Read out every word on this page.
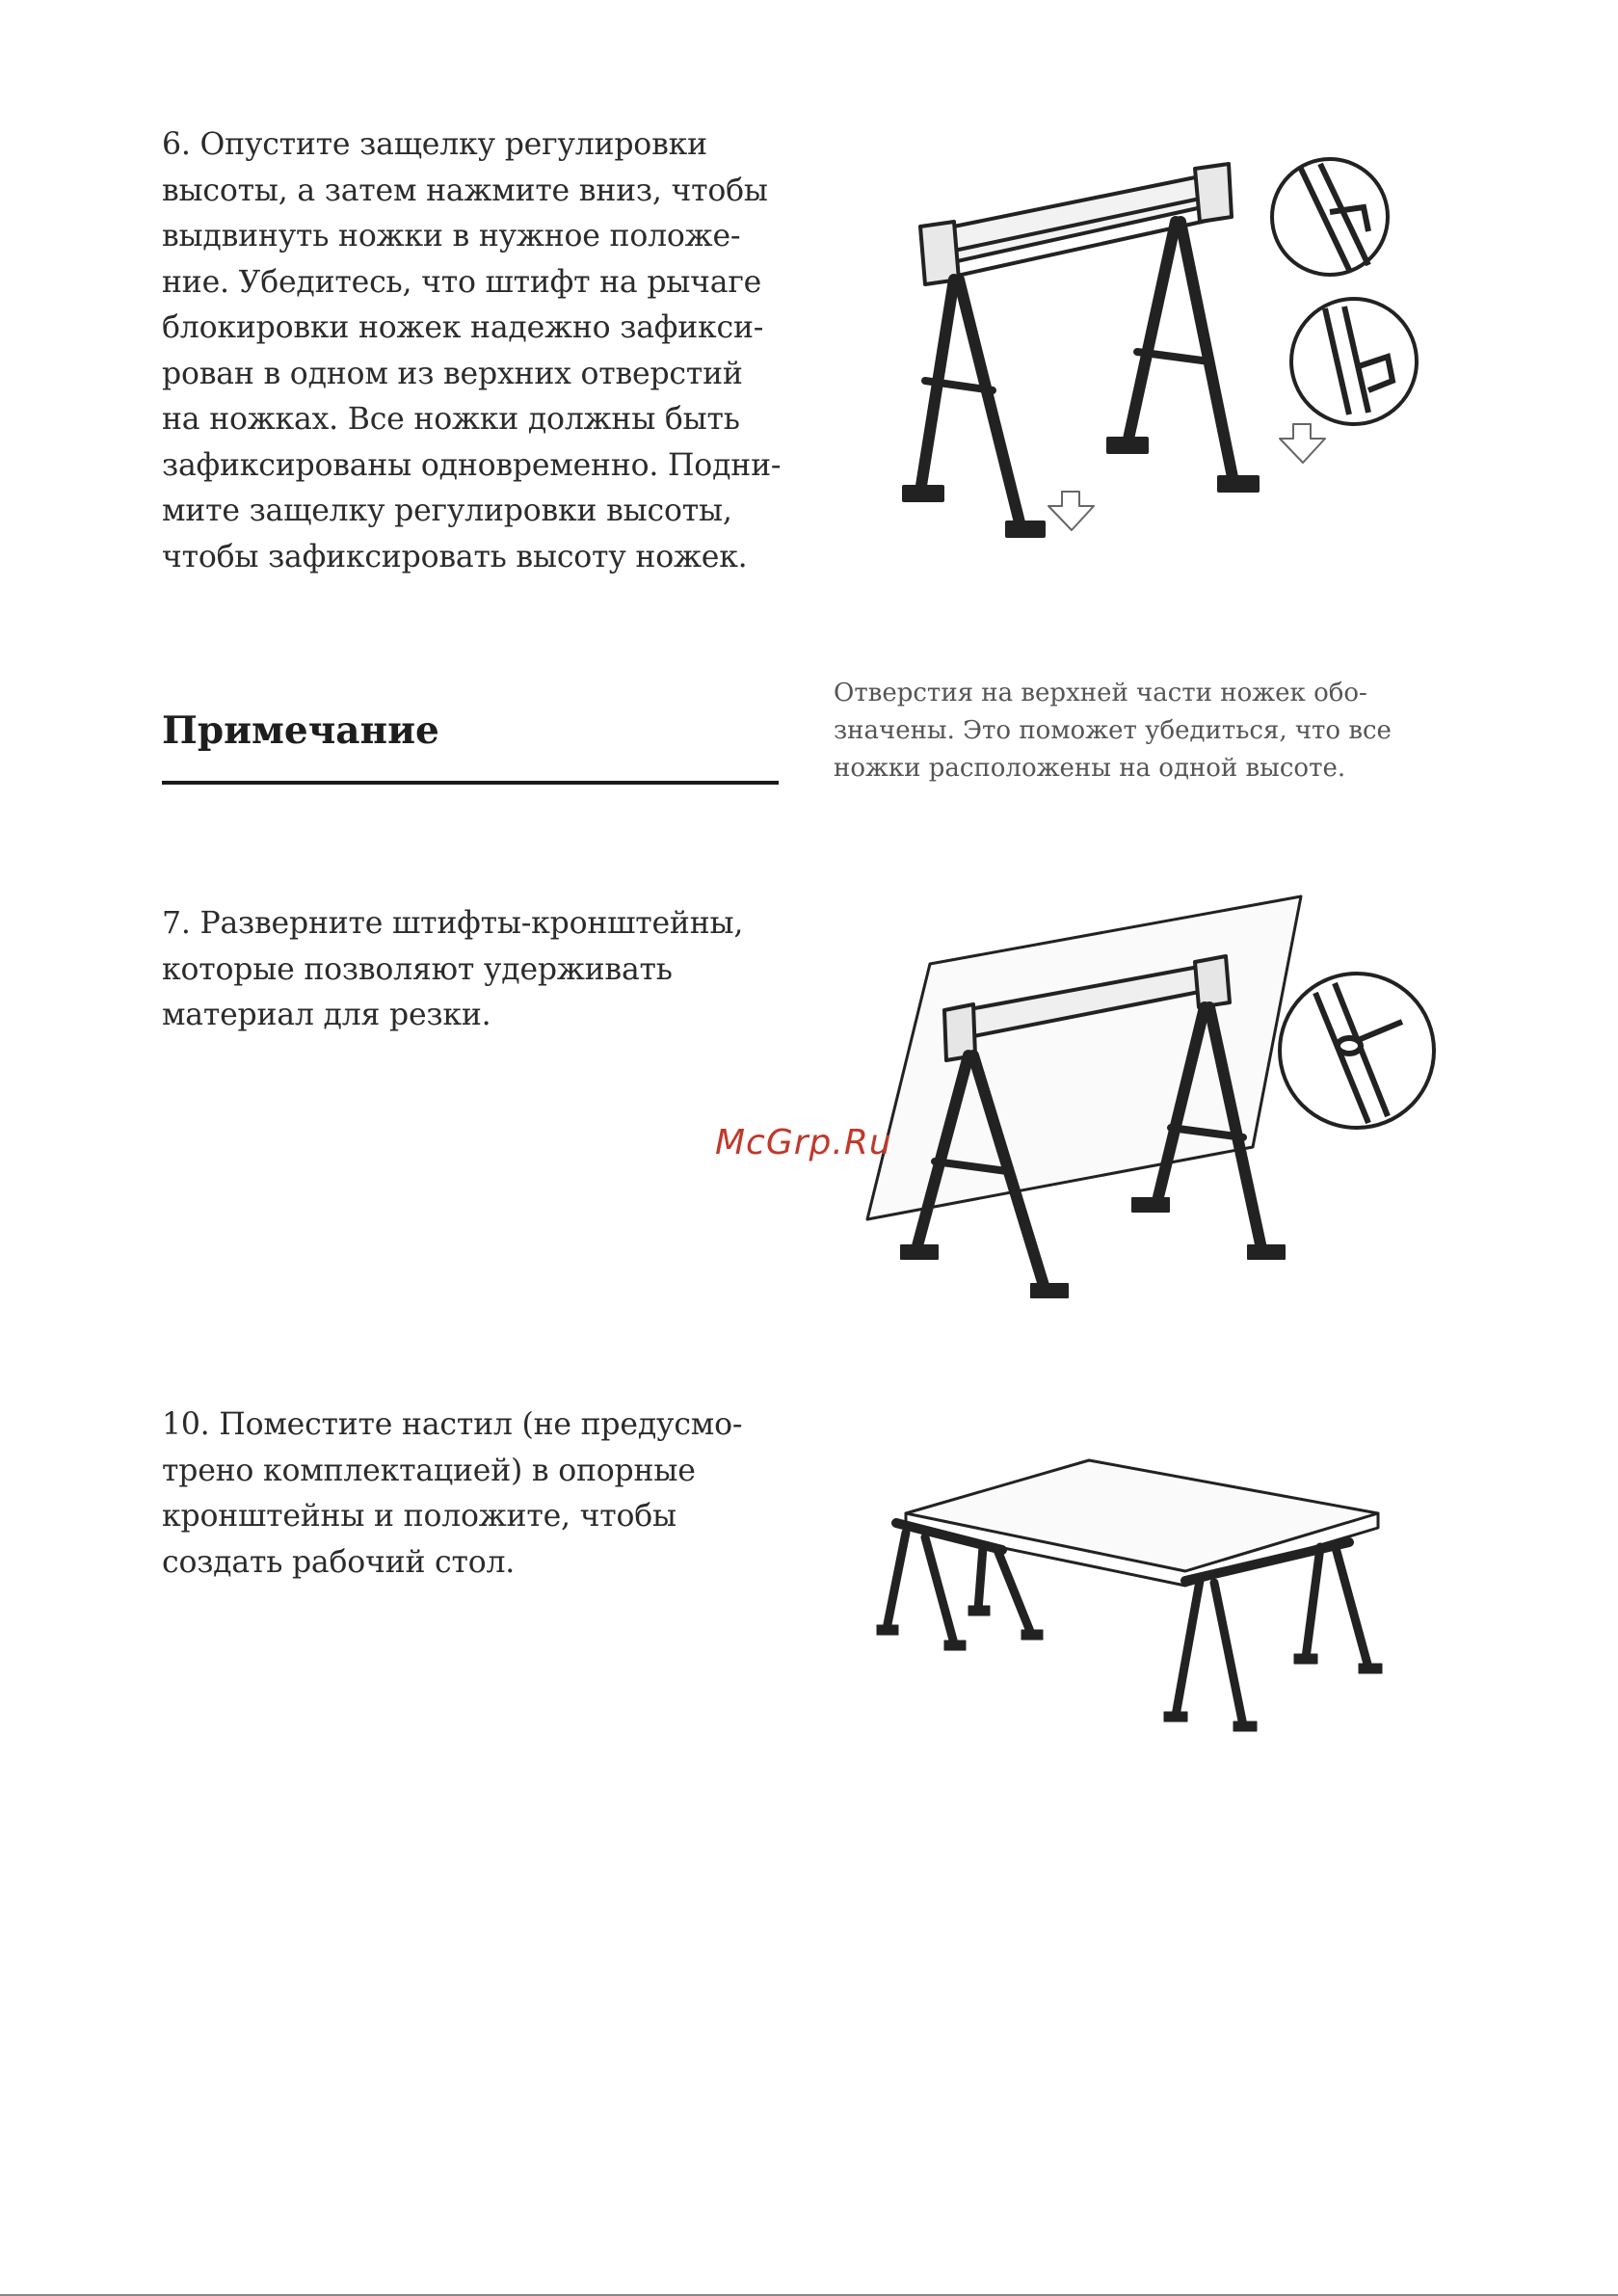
6. Опустите защелку регулировки

высоты, а затем нажмите вниз, чтобы

выдвинуть ножки в нужное положе-

ние. Убедитесь, что штифт на рычаге

блокировки ножек надежно зафикси-

рован в одном из верхних отверстий

на ножках. Все ножки должны быть

зафиксированы одновременно. Подни-

мите защелку регулировки высоты,

чтобы зафиксировать высоту ножек.

Примечание

Отверстия на верхней части ножек обо-

значены. Это поможет убедиться, что все

ножки расположены на одной высоте.

7. Разверните штифты-кронштейны,

которые позволяют удерживать

материал для резки.

McGrp.Ru

10. Поместите настил (не предусмо-

трено комплектацией) в опорные

кронштейны и положите, чтобы

создать рабочий стол.
